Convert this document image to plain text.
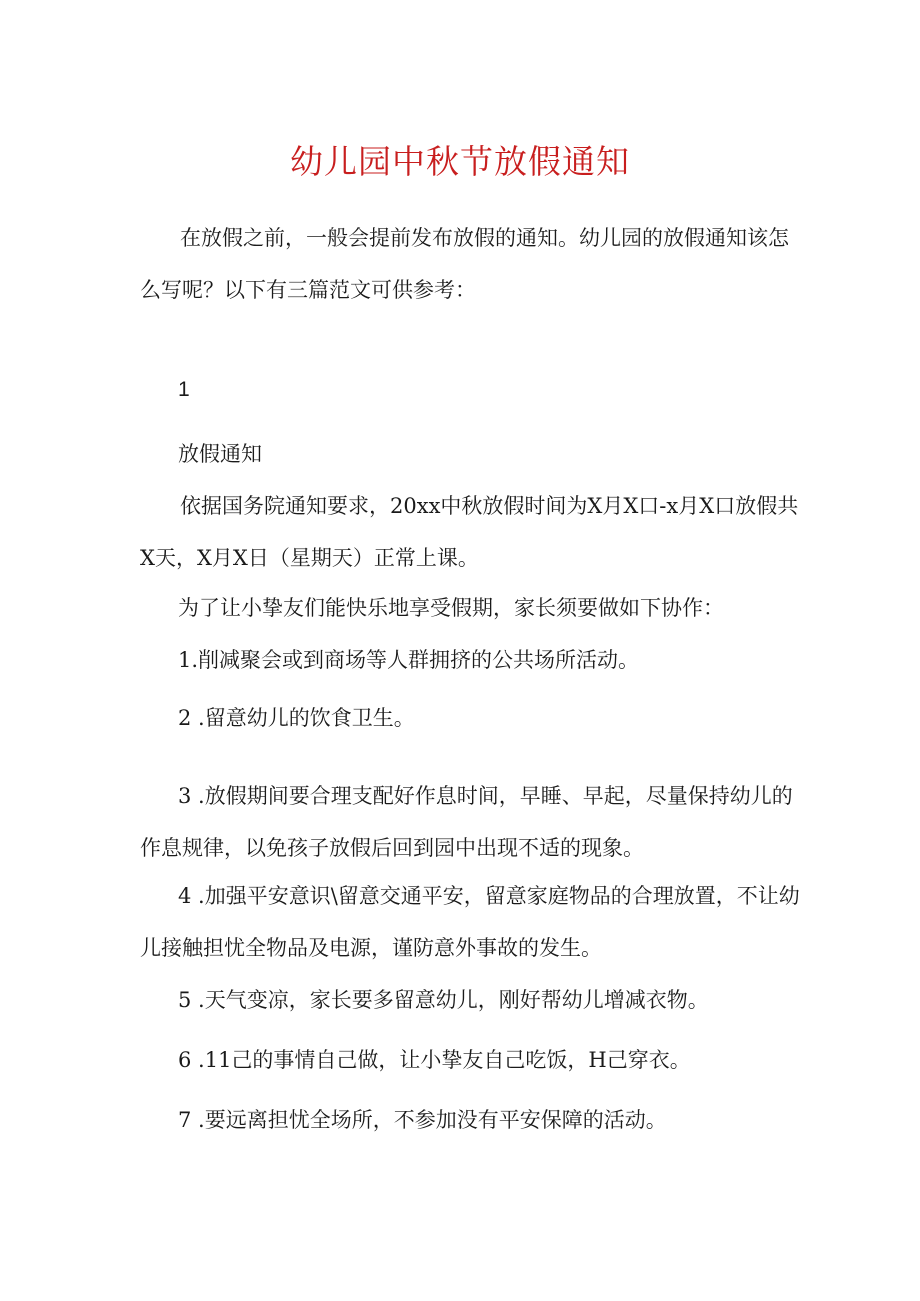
幼儿园中秋节放假通知

在放假之前，一般会提前发布放假的通知。幼儿园的放假通知该怎么写呢？以下有三篇范文可供参考：

1

放假通知

依据国务院通知要求，20xx中秋放假时间为X月X口-x月X口放假共X天，X月X日（星期天）正常上课。

为了让小挚友们能快乐地享受假期，家长须要做如下协作：

1.削减聚会或到商场等人群拥挤的公共场所活动。

2 .留意幼儿的饮食卫生。

3 .放假期间要合理支配好作息时间，早睡、早起，尽量保持幼儿的作息规律，以免孩子放假后回到园中出现不适的现象。

4 .加强平安意识\留意交通平安，留意家庭物品的合理放置，不让幼儿接触担忧全物品及电源，谨防意外事故的发生。

5 .天气变凉，家长要多留意幼儿，刚好帮幼儿增减衣物。

6 .11己的事情自己做，让小挚友自己吃饭，H己穿衣。

7 .要远离担忧全场所，不参加没有平安保障的活动。
